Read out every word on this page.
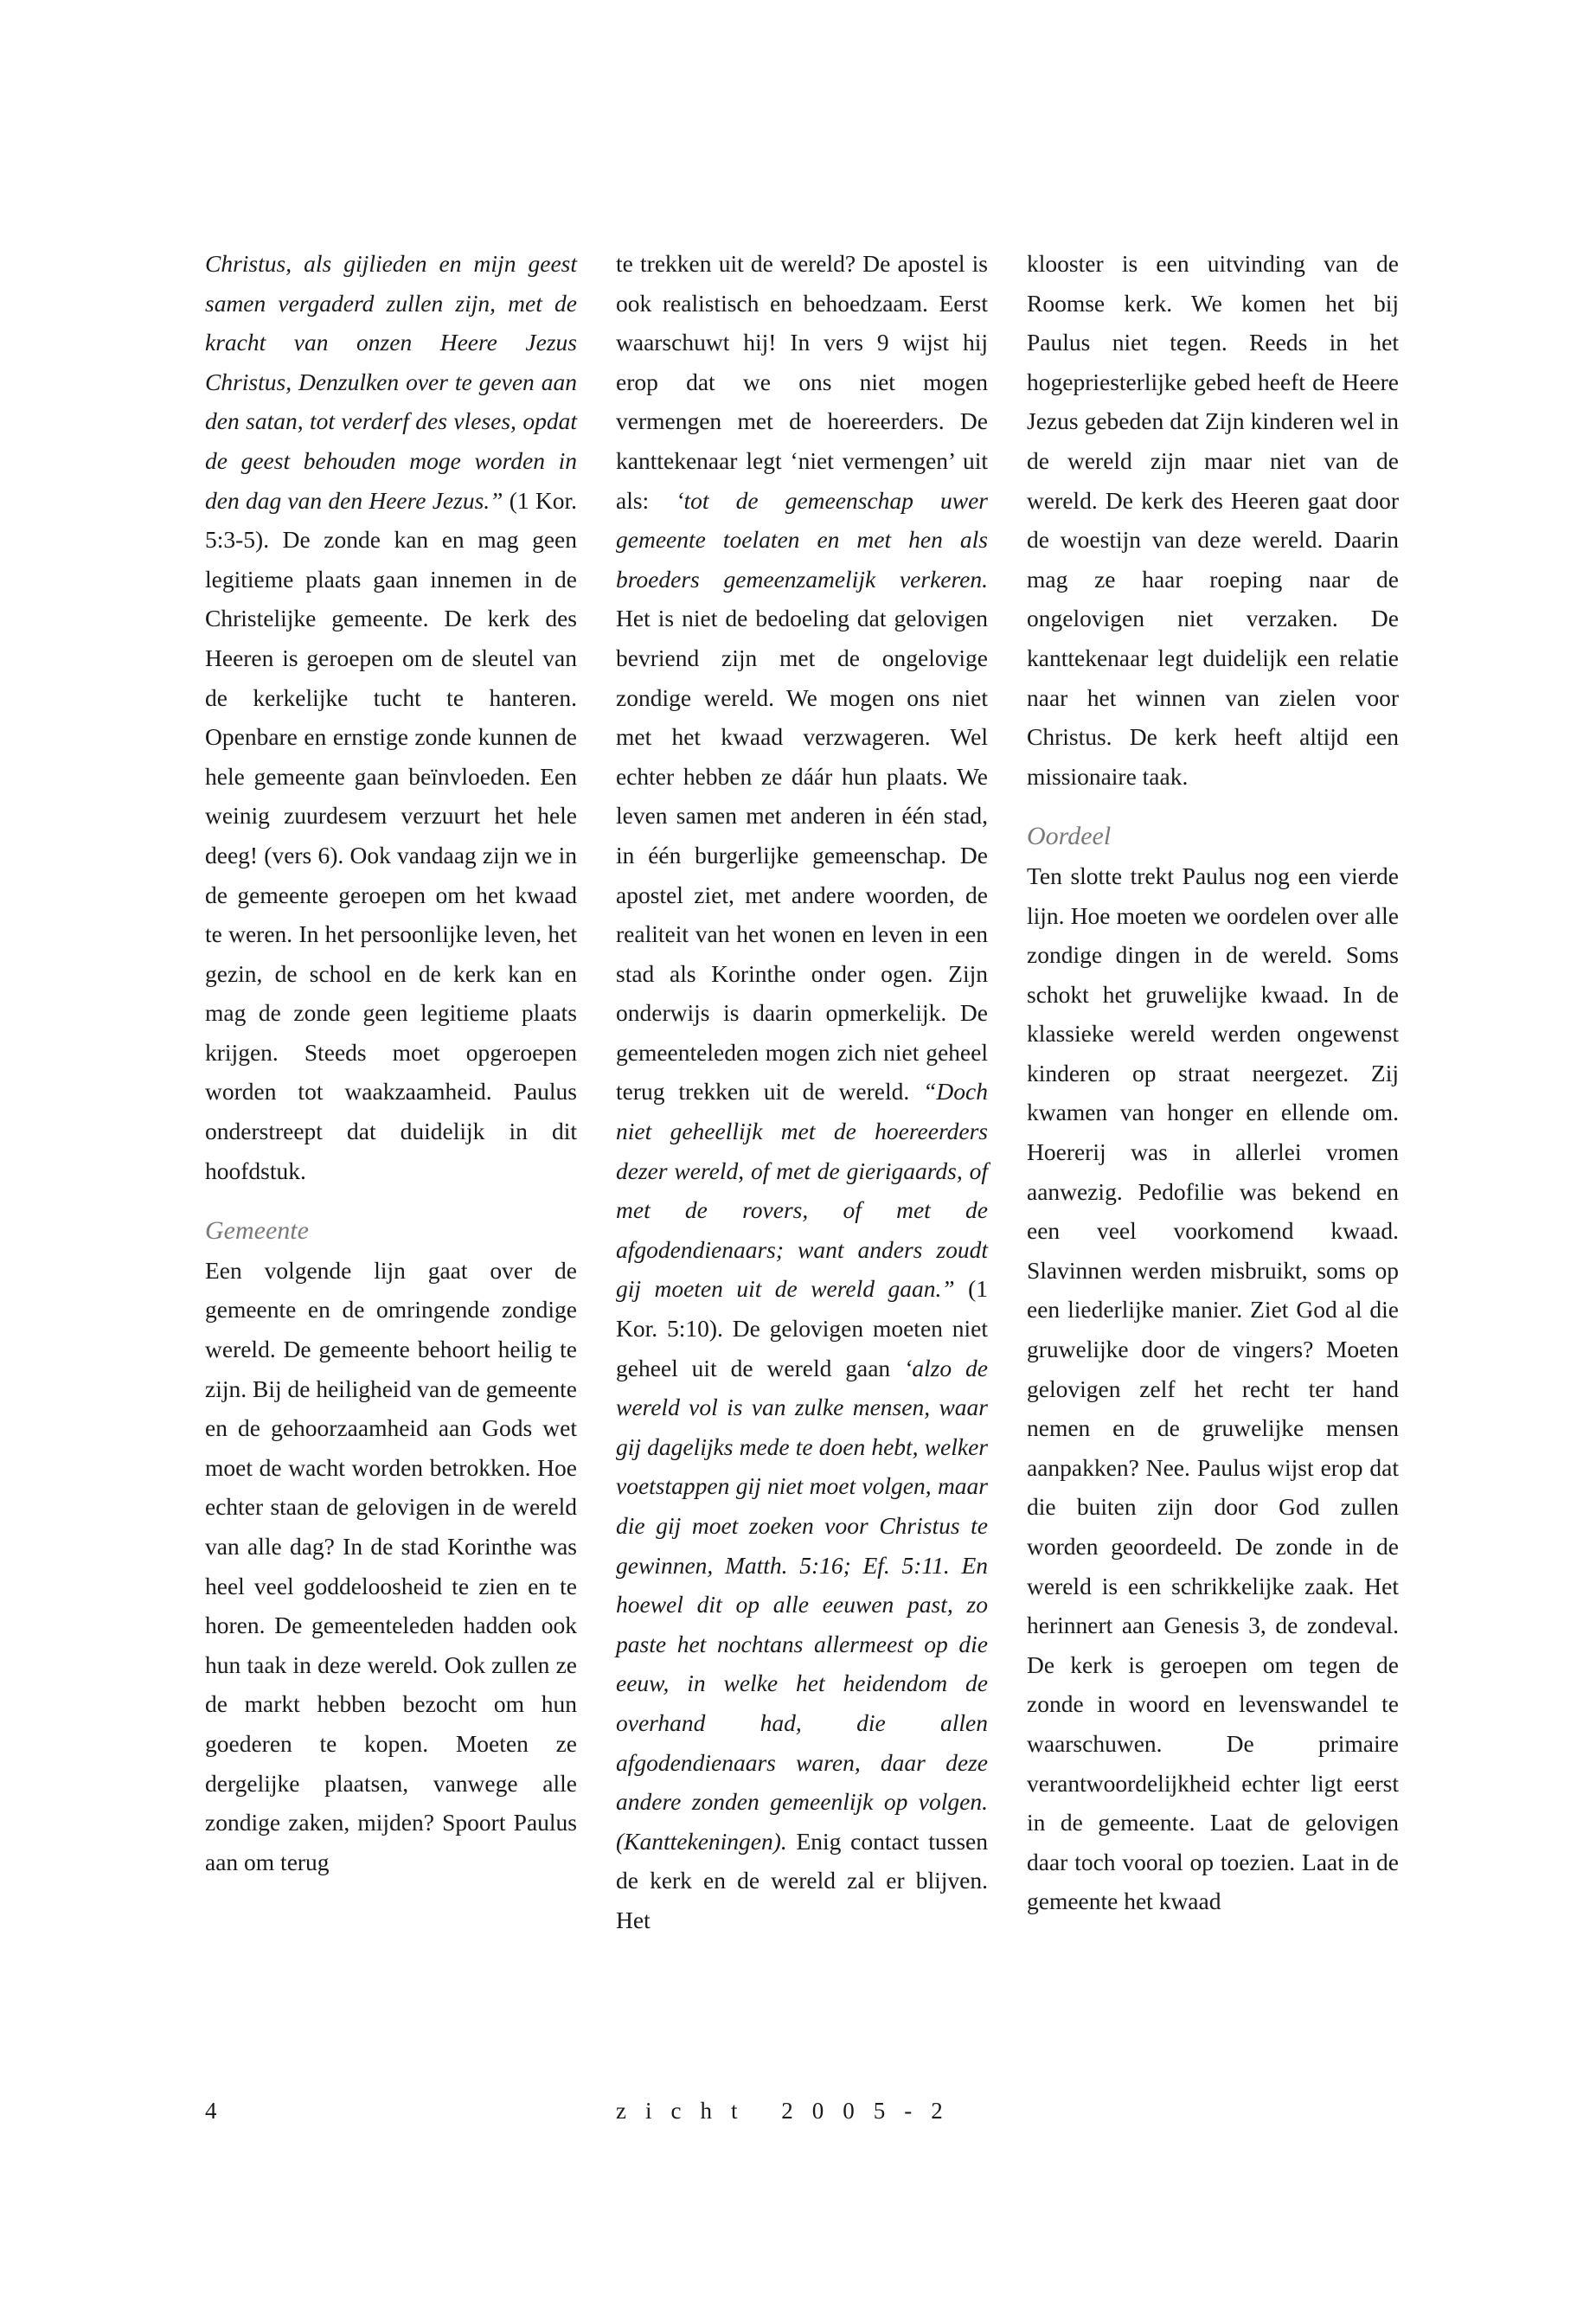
Christus, als gijlieden en mijn geest samen vergaderd zullen zijn, met de kracht van onzen Heere Jezus Christus, Denzulken over te geven aan den satan, tot verderf des vleses, opdat de geest behouden moge worden in den dag van den Heere Jezus.” (1 Kor. 5:3-5). De zonde kan en mag geen legitieme plaats gaan innemen in de Christelijke gemeente. De kerk des Heeren is geroepen om de sleutel van de kerkelijke tucht te hanteren. Openbare en ernstige zonde kunnen de hele gemeente gaan beïnvloeden. Een weinig zuurdesem verzuurt het hele deeg! (vers 6). Ook vandaag zijn we in de gemeente geroepen om het kwaad te weren. In het persoonlijke leven, het gezin, de school en de kerk kan en mag de zonde geen legitieme plaats krijgen. Steeds moet opgeroepen worden tot waakzaamheid. Paulus onderstreept dat duidelijk in dit hoofdstuk.

Gemeente

Een volgende lijn gaat over de gemeente en de omringende zondige wereld. De gemeente behoort heilig te zijn. Bij de heiligheid van de gemeente en de gehoorzaamheid aan Gods wet moet de wacht worden betrokken. Hoe echter staan de gelovigen in de wereld van alle dag? In de stad Korinthe was heel veel goddeloosheid te zien en te horen. De gemeenteleden hadden ook hun taak in deze wereld. Ook zullen ze de markt hebben bezocht om hun goederen te kopen. Moeten ze dergelijke plaatsen, vanwege alle zondige zaken, mijden? Spoort Paulus aan om terug

te trekken uit de wereld? De apostel is ook realistisch en behoedzaam. Eerst waarschuwt hij! In vers 9 wijst hij erop dat we ons niet mogen vermengen met de hoereerders. De kanttekenaar legt ‘niet vermengen’ uit als: ‘tot de gemeenschap uwer gemeente toelaten en met hen als broeders gemeenzamelijk verkeren. Het is niet de bedoeling dat gelovigen bevriend zijn met de ongelovige zondige wereld. We mogen ons niet met het kwaad verzwageren. Wel echter hebben ze dáár hun plaats. We leven samen met anderen in één stad, in één burgerlijke gemeenschap. De apostel ziet, met andere woorden, de realiteit van het wonen en leven in een stad als Korinthe onder ogen. Zijn onderwijs is daarin opmerkelijk. De gemeenteleden mogen zich niet geheel terug trekken uit de wereld. “Doch niet geheellijk met de hoereerders dezer wereld, of met de gierigaards, of met de rovers, of met de afgodendienaars; want anders zoudt gij moeten uit de wereld gaan.” (1 Kor. 5:10). De gelovigen moeten niet geheel uit de wereld gaan ‘alzo de wereld vol is van zulke mensen, waar gij dagelijks mede te doen hebt, welker voetstappen gij niet moet volgen, maar die gij moet zoeken voor Christus te gewinnen, Matth. 5:16; Ef. 5:11. En hoewel dit op alle eeuwen past, zo paste het nochtans allermeest op die eeuw, in welke het heidendom de overhand had, die allen afgodendienaars waren, daar deze andere zonden gemeenlijk op volgen. (Kanttekeningen). Enig contact tussen de kerk en de wereld zal er blijven. Het

klooster is een uitvinding van de Roomse kerk. We komen het bij Paulus niet tegen. Reeds in het hogepriesterlijke gebed heeft de Heere Jezus gebeden dat Zijn kinderen wel in de wereld zijn maar niet van de wereld. De kerk des Heeren gaat door de woestijn van deze wereld. Daarin mag ze haar roeping naar de ongelovigen niet verzaken. De kanttekenaar legt duidelijk een relatie naar het winnen van zielen voor Christus. De kerk heeft altijd een missionaire taak.

Oordeel

Ten slotte trekt Paulus nog een vierde lijn. Hoe moeten we oordelen over alle zondige dingen in de wereld. Soms schokt het gruwelijke kwaad. In de klassieke wereld werden ongewenst kinderen op straat neergezet. Zij kwamen van honger en ellende om. Hoererij was in allerlei vromen aanwezig. Pedofilie was bekend en een veel voorkomend kwaad. Slavinnen werden misbruikt, soms op een liederlijke manier. Ziet God al die gruwelijke door de vingers? Moeten gelovigen zelf het recht ter hand nemen en de gruwelijke mensen aanpakken? Nee. Paulus wijst erop dat die buiten zijn door God zullen worden geoordeeld. De zonde in de wereld is een schrikkelijke zaak. Het herinnert aan Genesis 3, de zondeval. De kerk is geroepen om tegen de zonde in woord en levenswandel te waarschuwen. De primaire verantwoordelijkheid echter ligt eerst in de gemeente. Laat de gelovigen daar toch vooral op toezien. Laat in de gemeente het kwaad

4	zicht 2005-2
